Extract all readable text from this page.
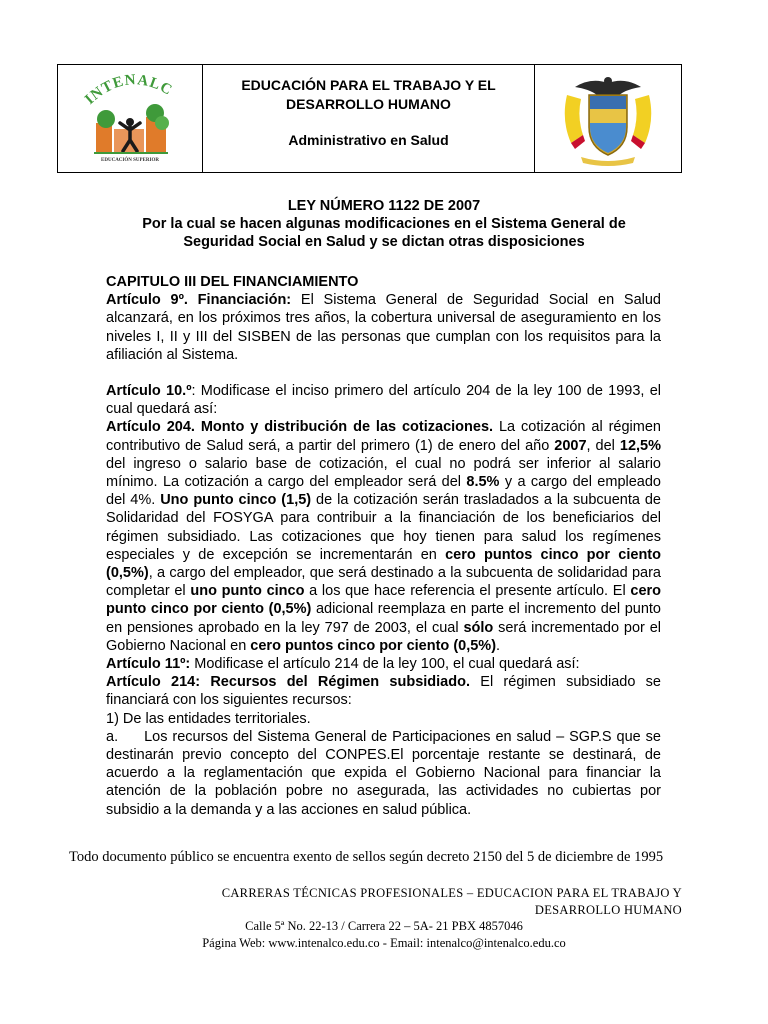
INTENALC
EDUCACIÓN SUPERIOR
EDUCACIÓN PARA EL TRABAJO Y EL
DESARROLLO HUMANO
Administrativo en Salud
LEY NÚMERO 1122 DE 2007
Por la cual se hacen algunas modificaciones en el Sistema General de
Seguridad Social en Salud y se dictan otras disposiciones
CAPITULO III DEL FINANCIAMIENTO
Artículo 9º. Financiación: El Sistema General de Seguridad Social en Salud alcanzará, en los próximos tres años, la cobertura universal de aseguramiento en los niveles I, II y III del SISBEN de las personas que cumplan con los requisitos para la afiliación al Sistema.
Artículo 10.º: Modificase el inciso primero del artículo 204 de la ley 100 de 1993, el cual quedará así:
Artículo 204. Monto y distribución de las cotizaciones. La cotización al régimen contributivo de Salud será, a partir del primero (1) de enero del año 2007, del 12,5% del ingreso o salario base de cotización, el cual no podrá ser inferior al salario mínimo. La cotización a cargo del empleador será del 8.5% y a cargo del empleado del 4%. Uno punto cinco (1,5) de la cotización serán trasladados a la subcuenta de Solidaridad del FOSYGA para contribuir a la financiación de los beneficiarios del régimen subsidiado. Las cotizaciones que hoy tienen para salud los regímenes especiales y de excepción se incrementarán en cero puntos cinco por ciento (0,5%), a cargo del empleador, que será destinado a la subcuenta de solidaridad para completar el uno punto cinco a los que hace referencia el presente artículo. El cero punto cinco por ciento (0,5%) adicional reemplaza en parte el incremento del punto en pensiones aprobado en la ley 797 de 2003, el cual sólo será incrementado por el Gobierno Nacional en cero puntos cinco por ciento (0,5%).
Artículo 11º: Modificase el artículo 214 de la ley 100, el cual quedará así:
Artículo 214: Recursos del Régimen subsidiado. El régimen subsidiado se financiará con los siguientes recursos:
1) De las entidades territoriales.
a. Los recursos del Sistema General de Participaciones en salud – SGP.S que se destinarán previo concepto del CONPES.El porcentaje restante se destinará, de acuerdo a la reglamentación que expida el Gobierno Nacional para financiar la atención de la población pobre no asegurada, las actividades no cubiertas por subsidio a la demanda y a las acciones en salud pública.
Todo documento público se encuentra exento de sellos según decreto 2150 del 5 de diciembre de 1995
CARRERAS TÉCNICAS PROFESIONALES – EDUCACION PARA EL TRABAJO Y DESARROLLO HUMANO
Calle 5ª No. 22-13 / Carrera 22 – 5A- 21 PBX 4857046
Página Web: www.intenalco.edu.co - Email: intenalco@intenalco.edu.co
